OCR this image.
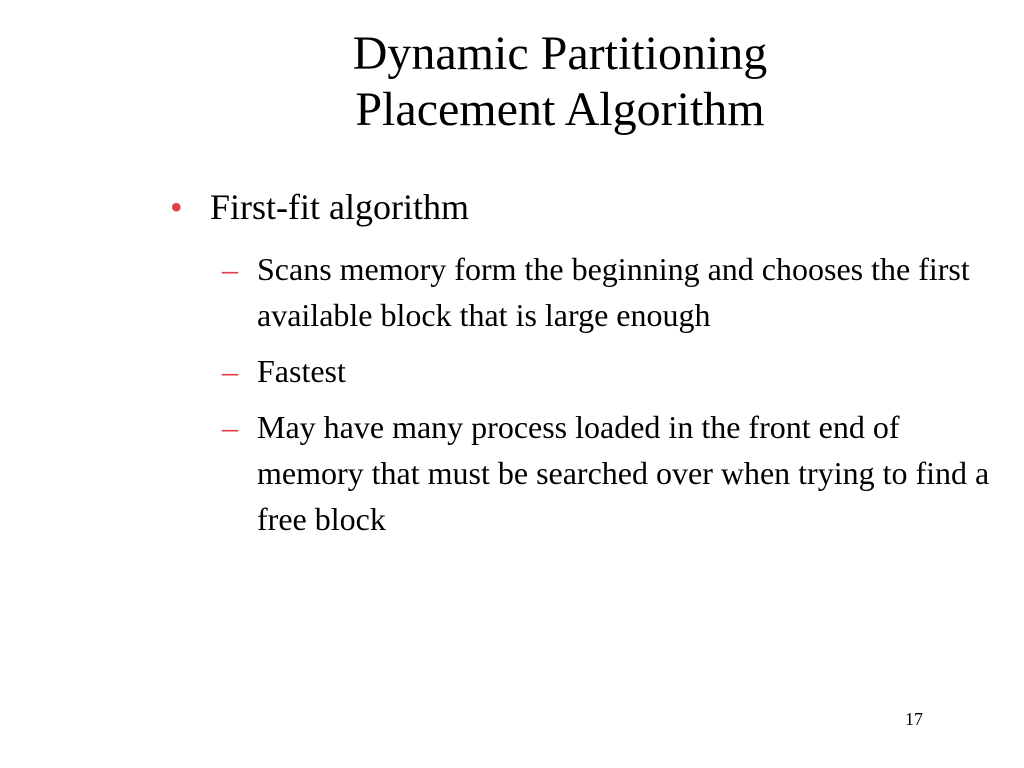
Dynamic Partitioning
Placement Algorithm
• First-fit algorithm
– Scans memory form the beginning and chooses the first available block that is large enough
– Fastest
– May have many process loaded in the front end of memory that must be searched over when trying to find a free block
17
